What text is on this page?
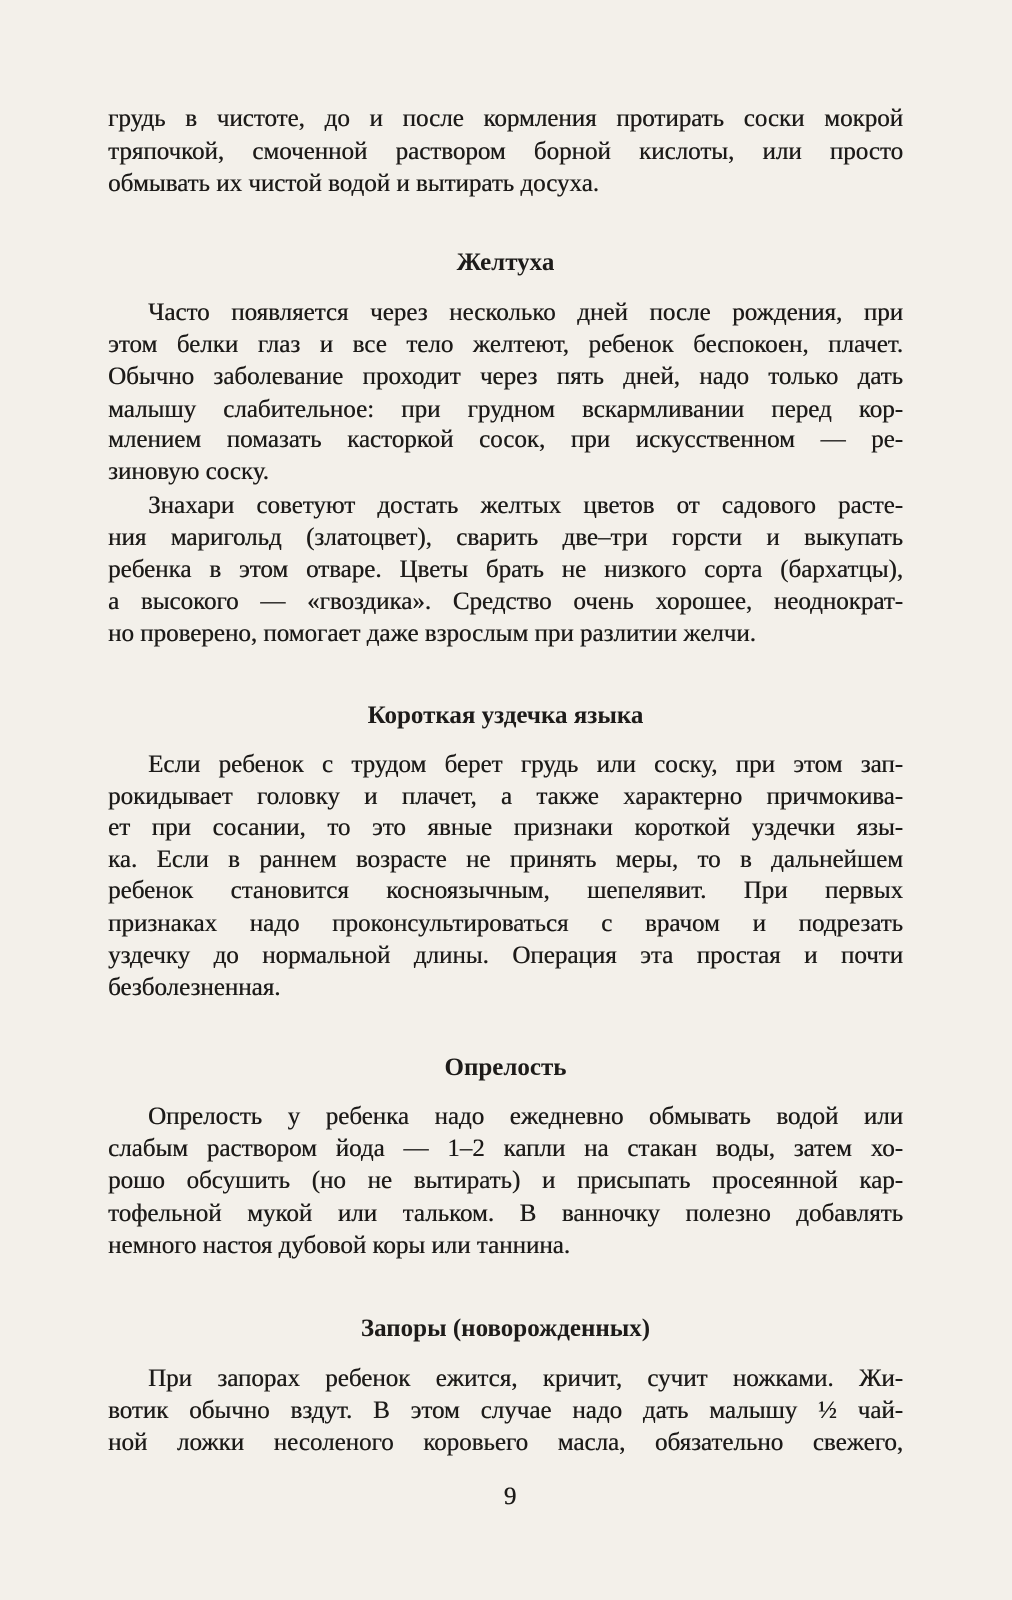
грудь в чистоте, до и после кормления протирать соски мокрой
тряпочкой, смоченной раствором борной кислоты, или просто
обмывать их чистой водой и вытирать досуха.
Желтуха
Часто появляется через несколько дней после рождения, при
этом белки глаз и все тело желтеют, ребенок беспокоен, плачет.
Обычно заболевание проходит через пять дней, надо только дать
малышу слабительное: при грудном вскармливании перед кор-
млением помазать касторкой сосок, при искусственном — ре-
зиновую соску.
Знахари советуют достать желтых цветов от садового расте-
ния маригольд (златоцвет), сварить две–три горсти и выкупать
ребенка в этом отваре. Цветы брать не низкого сорта (бархатцы),
а высокого — «гвоздика». Средство очень хорошее, неоднократ-
но проверено, помогает даже взрослым при разлитии желчи.
Короткая уздечка языка
Если ребенок с трудом берет грудь или соску, при этом зап-
рокидывает головку и плачет, а также характерно причмокива-
ет при сосании, то это явные признаки короткой уздечки язы-
ка. Если в раннем возрасте не принять меры, то в дальнейшем
ребенок становится косноязычным, шепелявит. При первых
признаках надо проконсультироваться с врачом и подрезать
уздечку до нормальной длины. Операция эта простая и почти
безболезненная.
Опрелость
Опрелость у ребенка надо ежедневно обмывать водой или
слабым раствором йода — 1–2 капли на стакан воды, затем хо-
рошо обсушить (но не вытирать) и присыпать просеянной кар-
тофельной мукой или тальком. В ванночку полезно добавлять
немного настоя дубовой коры или таннина.
Запоры (новорожденных)
При запорах ребенок ежится, кричит, сучит ножками. Жи-
вотик обычно вздут. В этом случае надо дать малышу ½ чай-
ной ложки несоленого коровьего масла, обязательно свежего,
9
